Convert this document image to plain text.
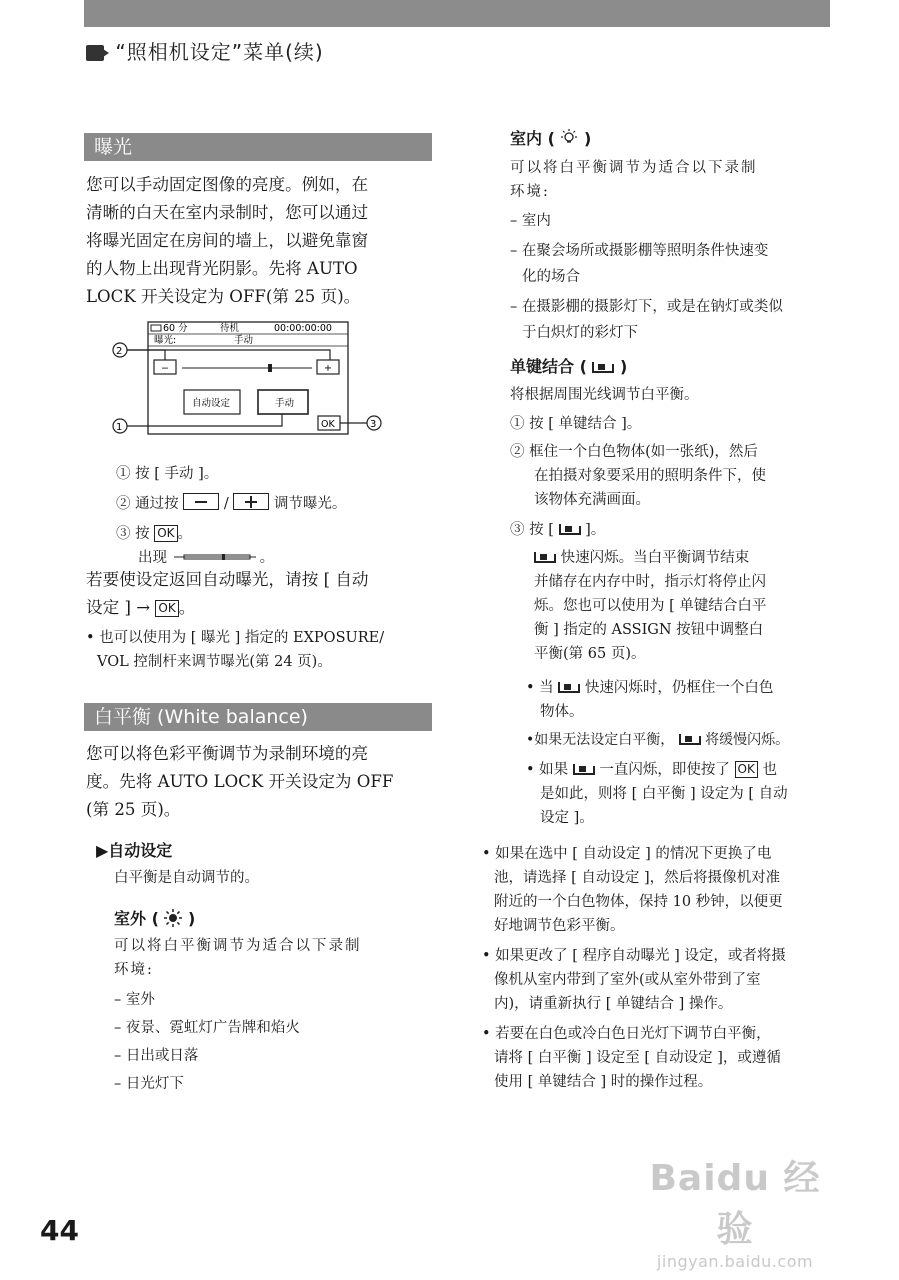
“照相机设定”菜单(续)
曝光
您可以手动固定图像的亮度。例如，在
清晰的白天在室内录制时，您可以通过
将曝光固定在房间的墙上，以避免靠窗
的人物上出现背光阴影。先将 AUTO
LOCK 开关设定为 OFF(第 25 页)。
60 分	待机	00:00:00:00
曝光:	手动
−	+
自动设定	手动
OK
2
1	3
① 按 [ 手动 ]。
② 通过按	/	调节曝光。
③ 按 OK 。
出现	。
若要使设定返回自动曝光，请按 [ 自动
设定 ] → OK 。
• 也可以使用为 [ 曝光 ] 指定的 EXPOSURE/
VOL 控制杆来调节曝光(第 24 页)。
白平衡 (White balance)
您可以将色彩平衡调节为录制环境的亮
度。先将 AUTO LOCK 开关设定为 OFF
(第 25 页)。
▶自动设定
白平衡是自动调节的。
室外 ( )
可以将白平衡调节为适合以下录制
环境:
– 室外
– 夜景、霓虹灯广告牌和焰火
– 日出或日落
– 日光灯下
室内 ( )
可以将白平衡调节为适合以下录制
环境:
– 室内
– 在聚会场所或摄影棚等照明条件快速变
化的场合
– 在摄影棚的摄影灯下，或是在钠灯或类似
于白炽灯的彩灯下
单键结合 ( )
将根据周围光线调节白平衡。
① 按 [ 单键结合 ]。
② 框住一个白色物体(如一张纸)，然后
在拍摄对象要采用的照明条件下，使
该物体充满画面。
③ 按 [ ]。
快速闪烁。当白平衡调节结束
并储存在内存中时，指示灯将停止闪
烁。您也可以使用为 [ 单键结合白平
衡 ] 指定的 ASSIGN 按钮中调整白
平衡(第 65 页)。
• 当 快速闪烁时，仍框住一个白色
物体。
•如果无法设定白平衡， 将缓慢闪烁。
• 如果 一直闪烁，即使按了 OK 也
是如此，则将 [ 白平衡 ] 设定为 [ 自动
设定 ]。
• 如果在选中 [ 自动设定 ] 的情况下更换了电
池，请选择 [ 自动设定 ]，然后将摄像机对准
附近的一个白色物体，保持 10 秒钟，以便更
好地调节色彩平衡。
• 如果更改了 [ 程序自动曝光 ] 设定，或者将摄
像机从室内带到了室外(或从室外带到了室
内)，请重新执行 [ 单键结合 ] 操作。
• 若要在白色或冷白色日光灯下调节白平衡，
请将 [ 白平衡 ] 设定至 [ 自动设定 ]，或遵循
使用 [ 单键结合 ] 时的操作过程。
Baidu 经验
jingyan.baidu.com
44
